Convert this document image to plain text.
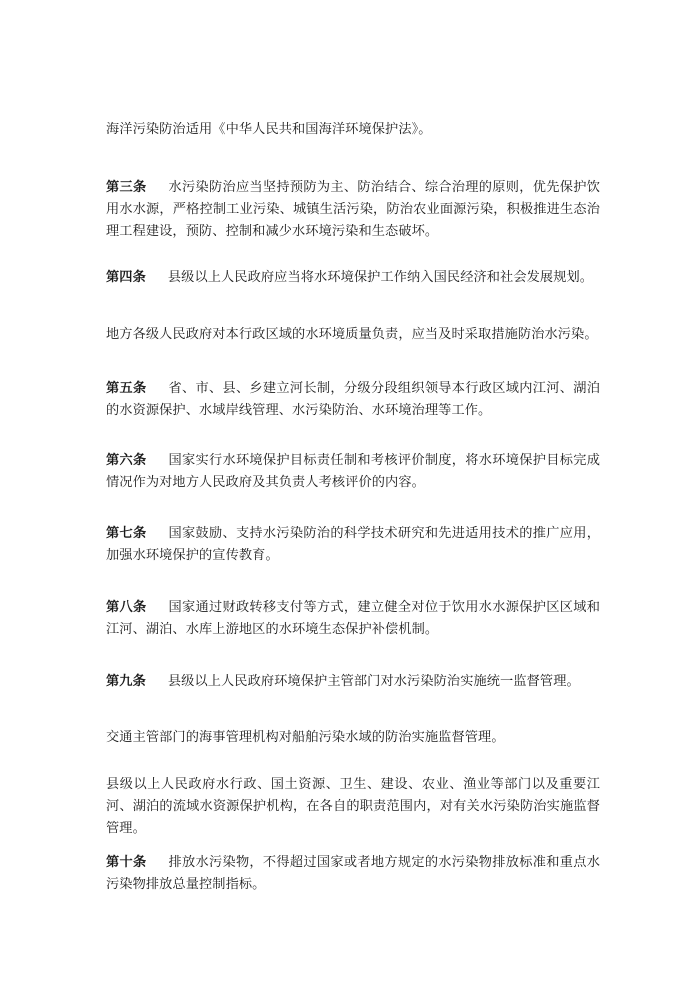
海洋污染防治适用《中华人民共和国海洋环境保护法》。

第三条 水污染防治应当坚持预防为主、防治结合、综合治理的原则，优先保护饮用水水源，严格控制工业污染、城镇生活污染，防治农业面源污染，积极推进生态治理工程建设，预防、控制和减少水环境污染和生态破坏。

第四条 县级以上人民政府应当将水环境保护工作纳入国民经济和社会发展规划。

地方各级人民政府对本行政区域的水环境质量负责，应当及时采取措施防治水污染。

第五条 省、市、县、乡建立河长制，分级分段组织领导本行政区域内江河、湖泊的水资源保护、水域岸线管理、水污染防治、水环境治理等工作。

第六条 国家实行水环境保护目标责任制和考核评价制度，将水环境保护目标完成情况作为对地方人民政府及其负责人考核评价的内容。

第七条 国家鼓励、支持水污染防治的科学技术研究和先进适用技术的推广应用，加强水环境保护的宣传教育。

第八条 国家通过财政转移支付等方式，建立健全对位于饮用水水源保护区区域和江河、湖泊、水库上游地区的水环境生态保护补偿机制。

第九条 县级以上人民政府环境保护主管部门对水污染防治实施统一监督管理。

交通主管部门的海事管理机构对船舶污染水域的防治实施监督管理。

县级以上人民政府水行政、国土资源、卫生、建设、农业、渔业等部门以及重要江河、湖泊的流域水资源保护机构，在各自的职责范围内，对有关水污染防治实施监督管理。

第十条 排放水污染物，不得超过国家或者地方规定的水污染物排放标准和重点水污染物排放总量控制指标。
